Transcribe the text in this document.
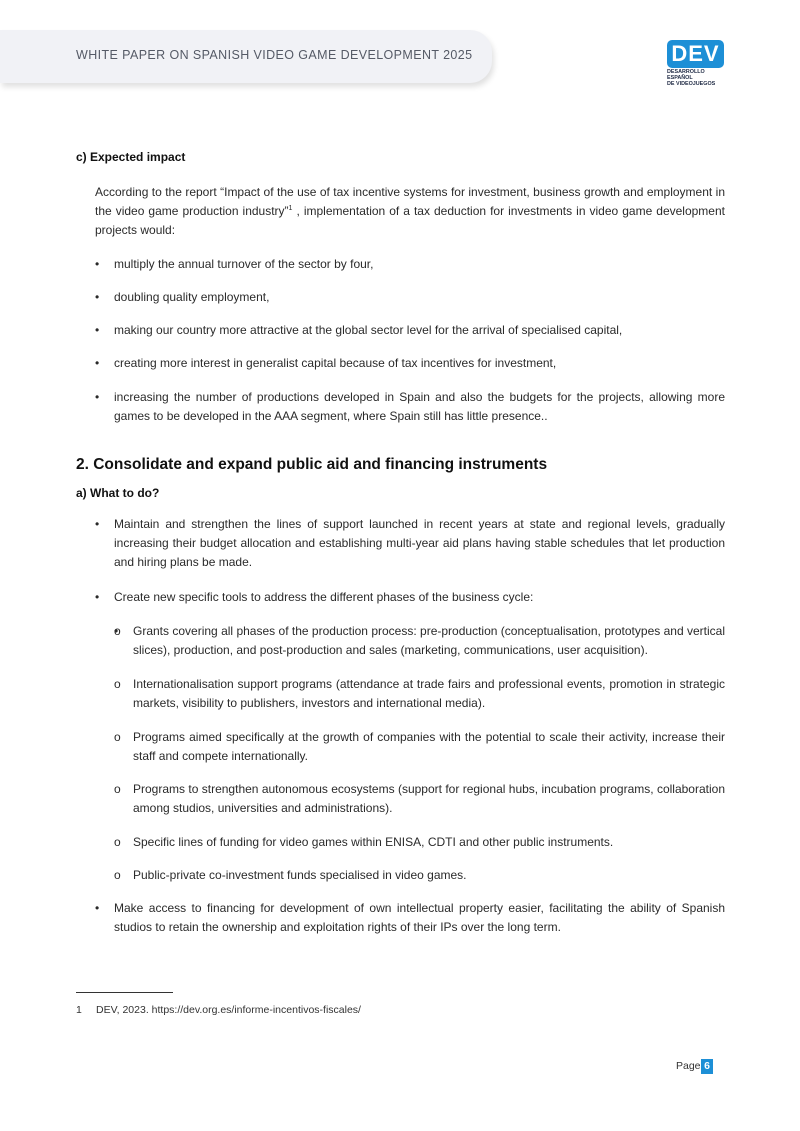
WHITE PAPER ON SPANISH VIDEO GAME DEVELOPMENT 2025	DEV
DESARROLLO ESPAÑOL
DE VIDEOJUEGOS
c) Expected impact

According to the report “Impact of the use of tax incentive systems for investment, business growth and employment in the video game production industry”$^1$ , implementation of a tax deduction for investments in video game development projects would:

• multiply the annual turnover of the sector by four,
• doubling quality employment,
• making our country more attractive at the global sector level for the arrival of specialised capital,
• creating more interest in generalist capital because of tax incentives for investment,
• increasing the number of productions developed in Spain and also the budgets for the projects, allowing more games to be developed in the AAA segment, where Spain still has little presence..
2. Consolidate and expand public aid and financing instruments
a) What to do?
• Maintain and strengthen the lines of support launched in recent years at state and regional levels, gradually increasing their budget allocation and establishing multi-year aid plans having stable schedules that let production and hiring plans be made.
• Create new specific tools to address the different phases of the business cycle:
o Grants covering all phases of the production process: pre-production (conceptualisation, prototypes and vertical slices), production, and post-production and sales (marketing, communications, user acquisition).
o Internationalisation support programs (attendance at trade fairs and professional events, promotion in strategic markets, visibility to publishers, investors and international media).
o Programs aimed specifically at the growth of companies with the potential to scale their activity, increase their staff and compete internationally.
o Programs to strengthen autonomous ecosystems (support for regional hubs, incubation programs, collaboration among studios, universities and administrations).
o Specific lines of funding for video games within ENISA, CDTI and other public instruments.
o Public-private co-investment funds specialised in video games.
• Make access to financing for development of own intellectual property easier, facilitating the ability of Spanish studios to retain the ownership and exploitation rights of their IPs over the long term.
1 DEV, 2023. https://dev.org.es/informe-incentivos-fiscales/
Page 6
